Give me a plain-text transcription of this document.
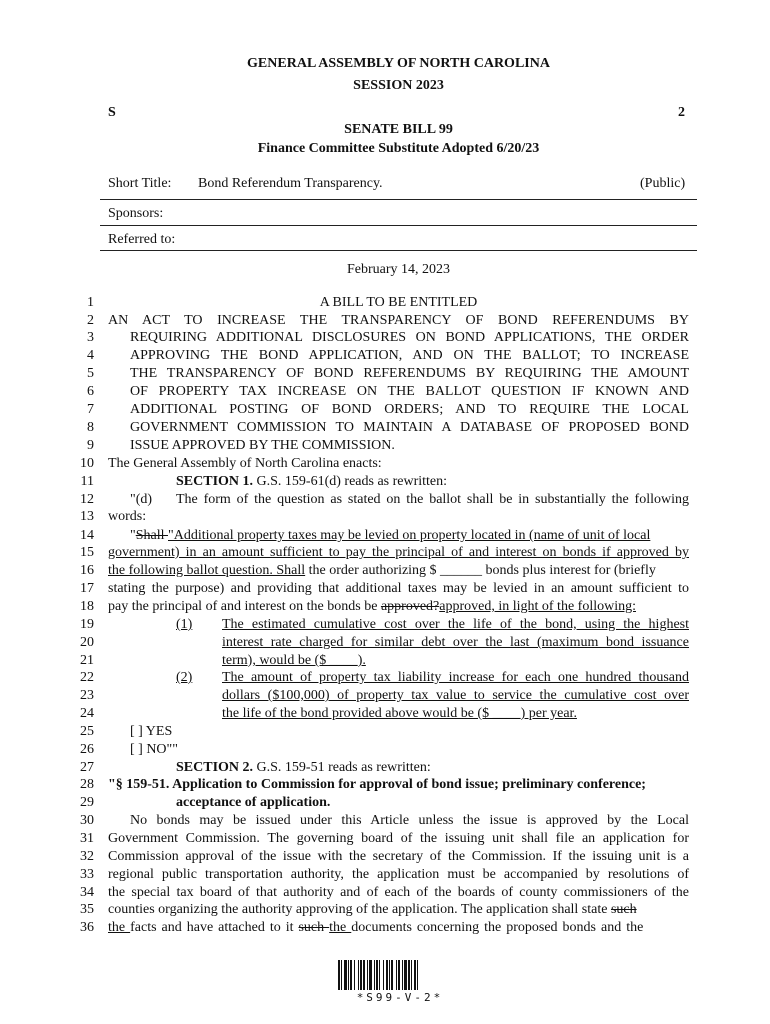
GENERAL ASSEMBLY OF NORTH CAROLINA
SESSION 2023
S	2
SENATE BILL 99
Finance Committee Substitute Adopted 6/20/23
Short Title: Bond Referendum Transparency.	(Public)
Sponsors:
Referred to:
February 14, 2023
1	A BILL TO BE ENTITLED
2 AN ACT TO INCREASE THE TRANSPARENCY OF BOND REFERENDUMS BY
3	REQUIRING ADDITIONAL DISCLOSURES ON BOND APPLICATIONS, THE ORDER
4	APPROVING THE BOND APPLICATION, AND ON THE BALLOT; TO INCREASE
5	THE TRANSPARENCY OF BOND REFERENDUMS BY REQUIRING THE AMOUNT
6	OF PROPERTY TAX INCREASE ON THE BALLOT QUESTION IF KNOWN AND
7	ADDITIONAL POSTING OF BOND ORDERS; AND TO REQUIRE THE LOCAL
8	GOVERNMENT COMMISSION TO MAINTAIN A DATABASE OF PROPOSED BOND
9	ISSUE APPROVED BY THE COMMISSION.
10 The General Assembly of North Carolina enacts:
11	SECTION 1. G.S. 159-61(d) reads as rewritten:
12	"(d)	The form of the question as stated on the ballot shall be in substantially the following
13 words:
14	"Shall "Additional property taxes may be levied on property located in (name of unit of local
15 government) in an amount sufficient to pay the principal of and interest on bonds if approved by
16 the following ballot question. Shall the order authorizing $ ______ bonds plus interest for (briefly
17 stating the purpose) and providing that additional taxes may be levied in an amount sufficient to
18 pay the principal of and interest on the bonds be approved?approved, in light of the following:
19	(1)	The estimated cumulative cost over the life of the bond, using the highest
20	interest rate charged for similar debt over the last (maximum bond issuance
21	term), would be ($ ____).
22	(2)	The amount of property tax liability increase for each one hundred thousand
23	dollars ($100,000) of property tax value to service the cumulative cost over
24	the life of the bond provided above would be ($ ____) per year.
25	[ ] YES
26	[ ] NO""
27	SECTION 2. G.S. 159-51 reads as rewritten:
28 "§ 159-51. Application to Commission for approval of bond issue; preliminary conference;
29	acceptance of application.
30	No bonds may be issued under this Article unless the issue is approved by the Local
31 Government Commission. The governing board of the issuing unit shall file an application for
32 Commission approval of the issue with the secretary of the Commission. If the issuing unit is a
33 regional public transportation authority, the application must be accompanied by resolutions of
34 the special tax board of that authority and of each of the boards of county commissioners of the
35 counties organizing the authority approving of the application. The application shall state such
36 the facts and have attached to it such the documents concerning the proposed bonds and the
*S99-V-2*
